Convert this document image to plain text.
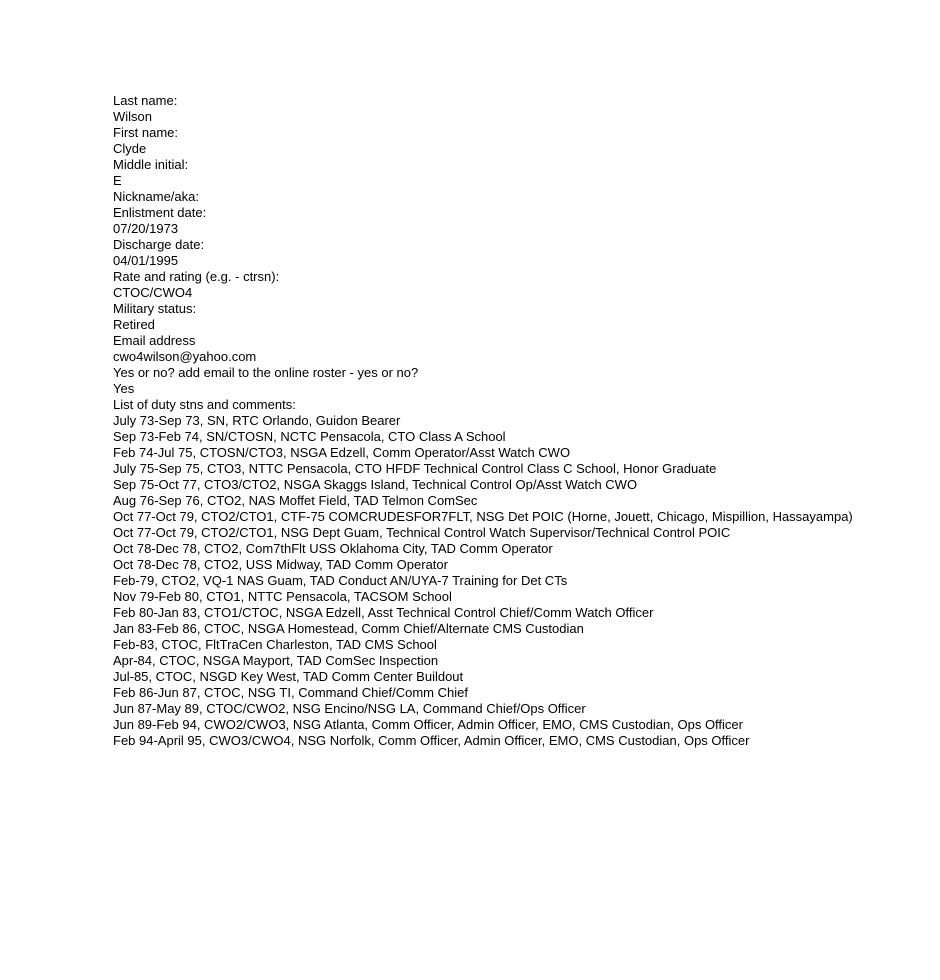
Last name:
Wilson
First name:
Clyde
Middle initial:
E
Nickname/aka:
Enlistment date:
07/20/1973
Discharge date:
04/01/1995
Rate and rating (e.g. - ctrsn):
CTOC/CWO4
Military status:
Retired
Email address
cwo4wilson@yahoo.com
Yes or no? add email to the online roster - yes or no?
Yes
List of duty stns and comments:
July 73-Sep 73, SN, RTC Orlando, Guidon Bearer
Sep 73-Feb 74, SN/CTOSN, NCTC Pensacola, CTO Class A School
Feb 74-Jul 75, CTOSN/CTO3, NSGA Edzell, Comm Operator/Asst Watch CWO
July 75-Sep 75, CTO3, NTTC Pensacola, CTO HFDF Technical Control Class C School, Honor Graduate
Sep 75-Oct 77, CTO3/CTO2, NSGA Skaggs Island, Technical Control Op/Asst Watch CWO
Aug 76-Sep 76, CTO2, NAS Moffet Field, TAD Telmon ComSec
Oct 77-Oct 79, CTO2/CTO1, CTF-75 COMCRUDESFOR7FLT, NSG Det POIC (Horne, Jouett, Chicago, Mispillion, Hassayampa)
Oct 77-Oct 79, CTO2/CTO1, NSG Dept Guam, Technical Control Watch Supervisor/Technical Control POIC
Oct 78-Dec 78, CTO2, Com7thFlt USS Oklahoma City, TAD Comm Operator
Oct 78-Dec 78, CTO2, USS Midway, TAD Comm Operator
Feb-79, CTO2, VQ-1 NAS Guam, TAD Conduct AN/UYA-7 Training for Det CTs
Nov 79-Feb 80, CTO1, NTTC Pensacola, TACSOM School
Feb 80-Jan 83, CTO1/CTOC, NSGA Edzell, Asst Technical Control Chief/Comm Watch Officer
Jan 83-Feb 86, CTOC, NSGA Homestead, Comm Chief/Alternate CMS Custodian
Feb-83, CTOC, FltTraCen Charleston, TAD CMS School
Apr-84, CTOC, NSGA Mayport, TAD ComSec Inspection
Jul-85, CTOC, NSGD Key West, TAD Comm Center Buildout
Feb 86-Jun 87, CTOC, NSG TI, Command Chief/Comm Chief
Jun 87-May 89, CTOC/CWO2, NSG Encino/NSG LA, Command Chief/Ops Officer
Jun 89-Feb 94, CWO2/CWO3, NSG Atlanta, Comm Officer, Admin Officer, EMO, CMS Custodian, Ops Officer
Feb 94-April 95, CWO3/CWO4, NSG Norfolk, Comm Officer, Admin Officer, EMO, CMS Custodian, Ops Officer
